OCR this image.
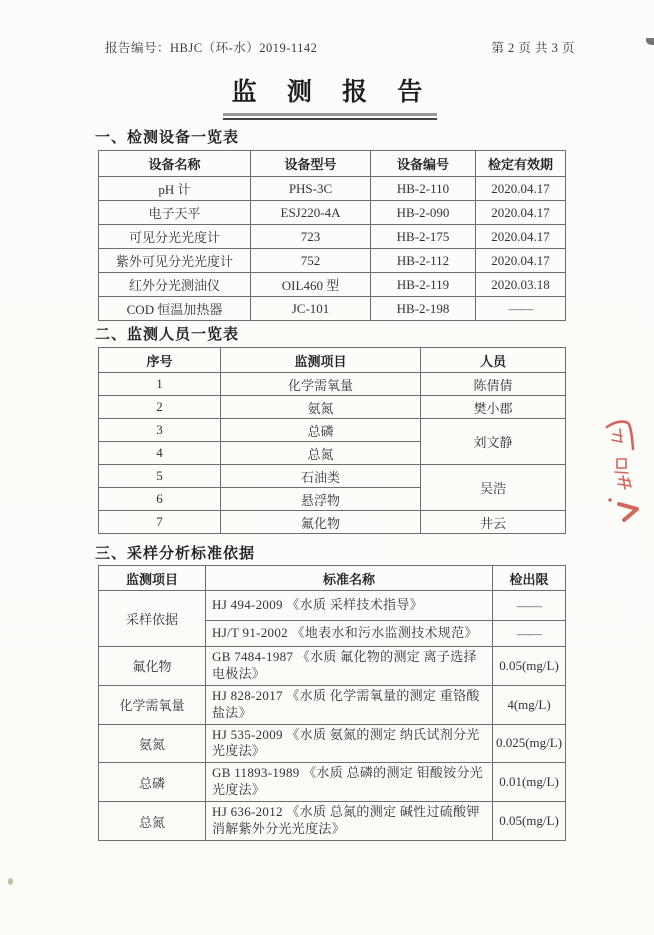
报告编号：HBJC（环-水）2019-1142	第 2 页 共 3 页
监 测 报 告
一、检测设备一览表
设备名称	设备型号	设备编号	检定有效期
pH 计	PHS-3C	HB-2-110	2020.04.17
电子天平	ESJ220-4A	HB-2-090	2020.04.17
可见分光光度计	723	HB-2-175	2020.04.17
紫外可见分光光度计	752	HB-2-112	2020.04.17
红外分光测油仪	OIL460 型	HB-2-119	2020.03.18
COD 恒温加热器	JC-101	HB-2-198	——
二、监测人员一览表
序号	监测项目	人员
1	化学需氧量	陈倩倩
2	氨氮	樊小郡
3	总磷	刘文静
4	总氮	
5	石油类	吴浩
6	悬浮物	
7	氟化物	井云
三、采样分析标准依据
监测项目	标准名称	检出限
采样依据	HJ 494-2009 《水质 采样技术指导》	——
	HJ/T 91-2002 《地表水和污水监测技术规范》	——
氟化物	GB 7484-1987 《水质 氟化物的测定 离子选择电极法》	0.05(mg/L)
化学需氧量	HJ 828-2017 《水质 化学需氧量的测定 重铬酸盐法》	4(mg/L)
氨氮	HJ 535-2009 《水质 氨氮的测定 纳氏试剂分光光度法》	0.025(mg/L)
总磷	GB 11893-1989 《水质 总磷的测定 钼酸铵分光光度法》	0.01(mg/L)
总氮	HJ 636-2012 《水质 总氮的测定 碱性过硫酸钾消解紫外分光光度法》	0.05(mg/L)
